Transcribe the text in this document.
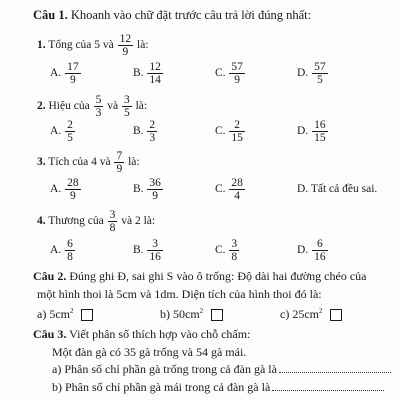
Câu 1. Khoanh vào chữ đặt trước câu trả lời đúng nhất:
1. Tổng của 5 và $\frac{12}{9}$ là:
A. $\frac{17}{9}$	B. $\frac{12}{14}$	C. $\frac{57}{9}$	D. $\frac{57}{5}$
2. Hiệu của $\frac{5}{3}$ và $\frac{3}{5}$ là:
A. $\frac{2}{5}$	B. $\frac{2}{3}$	C. $\frac{2}{15}$	D. $\frac{16}{15}$
3. Tích của 4 và $\frac{7}{9}$ là:
A. $\frac{28}{9}$	B. $\frac{36}{9}$	C. $\frac{28}{4}$	D. Tất cả đều sai.
4. Thương của $\frac{3}{8}$ và 2 là:
A. $\frac{6}{8}$	B. $\frac{3}{16}$	C. $\frac{3}{8}$	D. $\frac{6}{16}$
Câu 2. Đúng ghi Đ, sai ghi S vào ô trống: Độ dài hai đường chéo của
một hình thoi là 5cm và 1dm. Diện tích của hình thoi đó là:
a) $5cm^2$	b) $50cm^2$	c) $25cm^2$
Câu 3. Viết phân số thích hợp vào chỗ chấm:
Một đàn gà có 35 gà trống và 54 gà mái.
a) Phân số chỉ phần gà trống trong cả đàn gà là
b) Phân số chỉ phần gà mái trong cả đàn gà là
